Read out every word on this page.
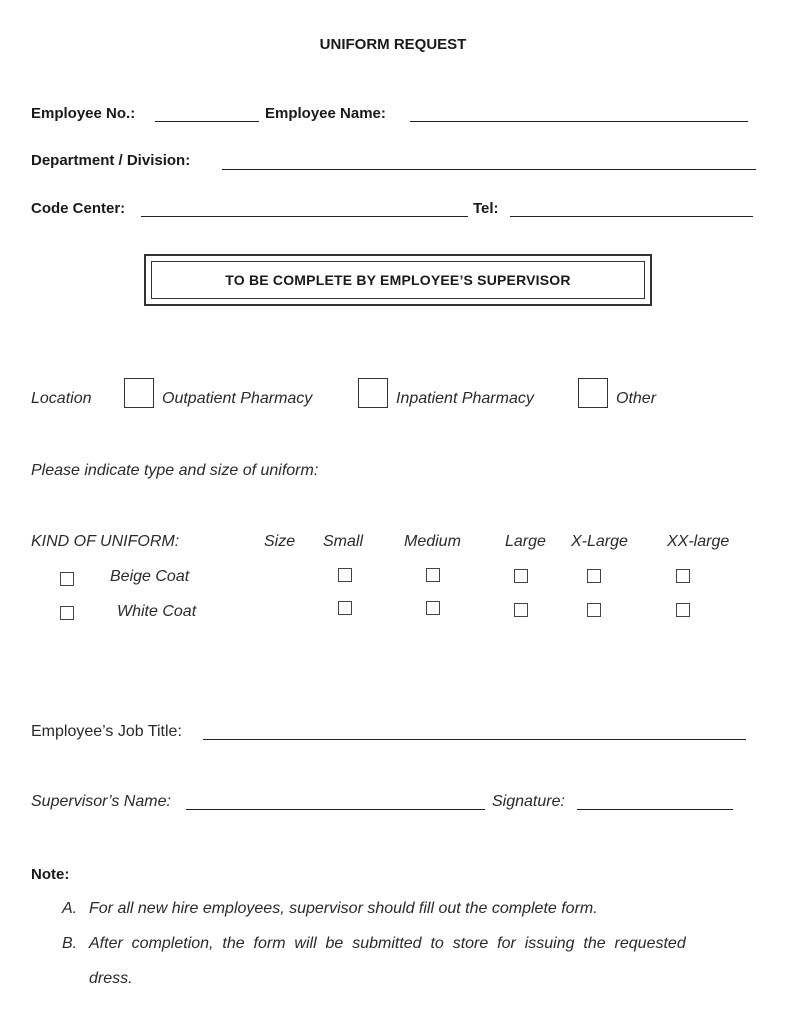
UNIFORM REQUEST
Employee No.:	Employee Name:
Department / Division:
Code Center:	Tel:
TO BE COMPLETE BY EMPLOYEE’S SUPERVISOR
Location	Outpatient Pharmacy	Inpatient Pharmacy	Other
Please indicate type and size of uniform:
KIND OF UNIFORM:	Size Small	Medium	Large X-Large XX-large
Beige Coat
White Coat
Employee’s Job Title:
Supervisor’s Name:	Signature:
Note:
A. For all new hire employees, supervisor should fill out the complete form.
B. After  completion,  the  form  will  be  submitted  to  store  for  issuing  the  requested
dress.
